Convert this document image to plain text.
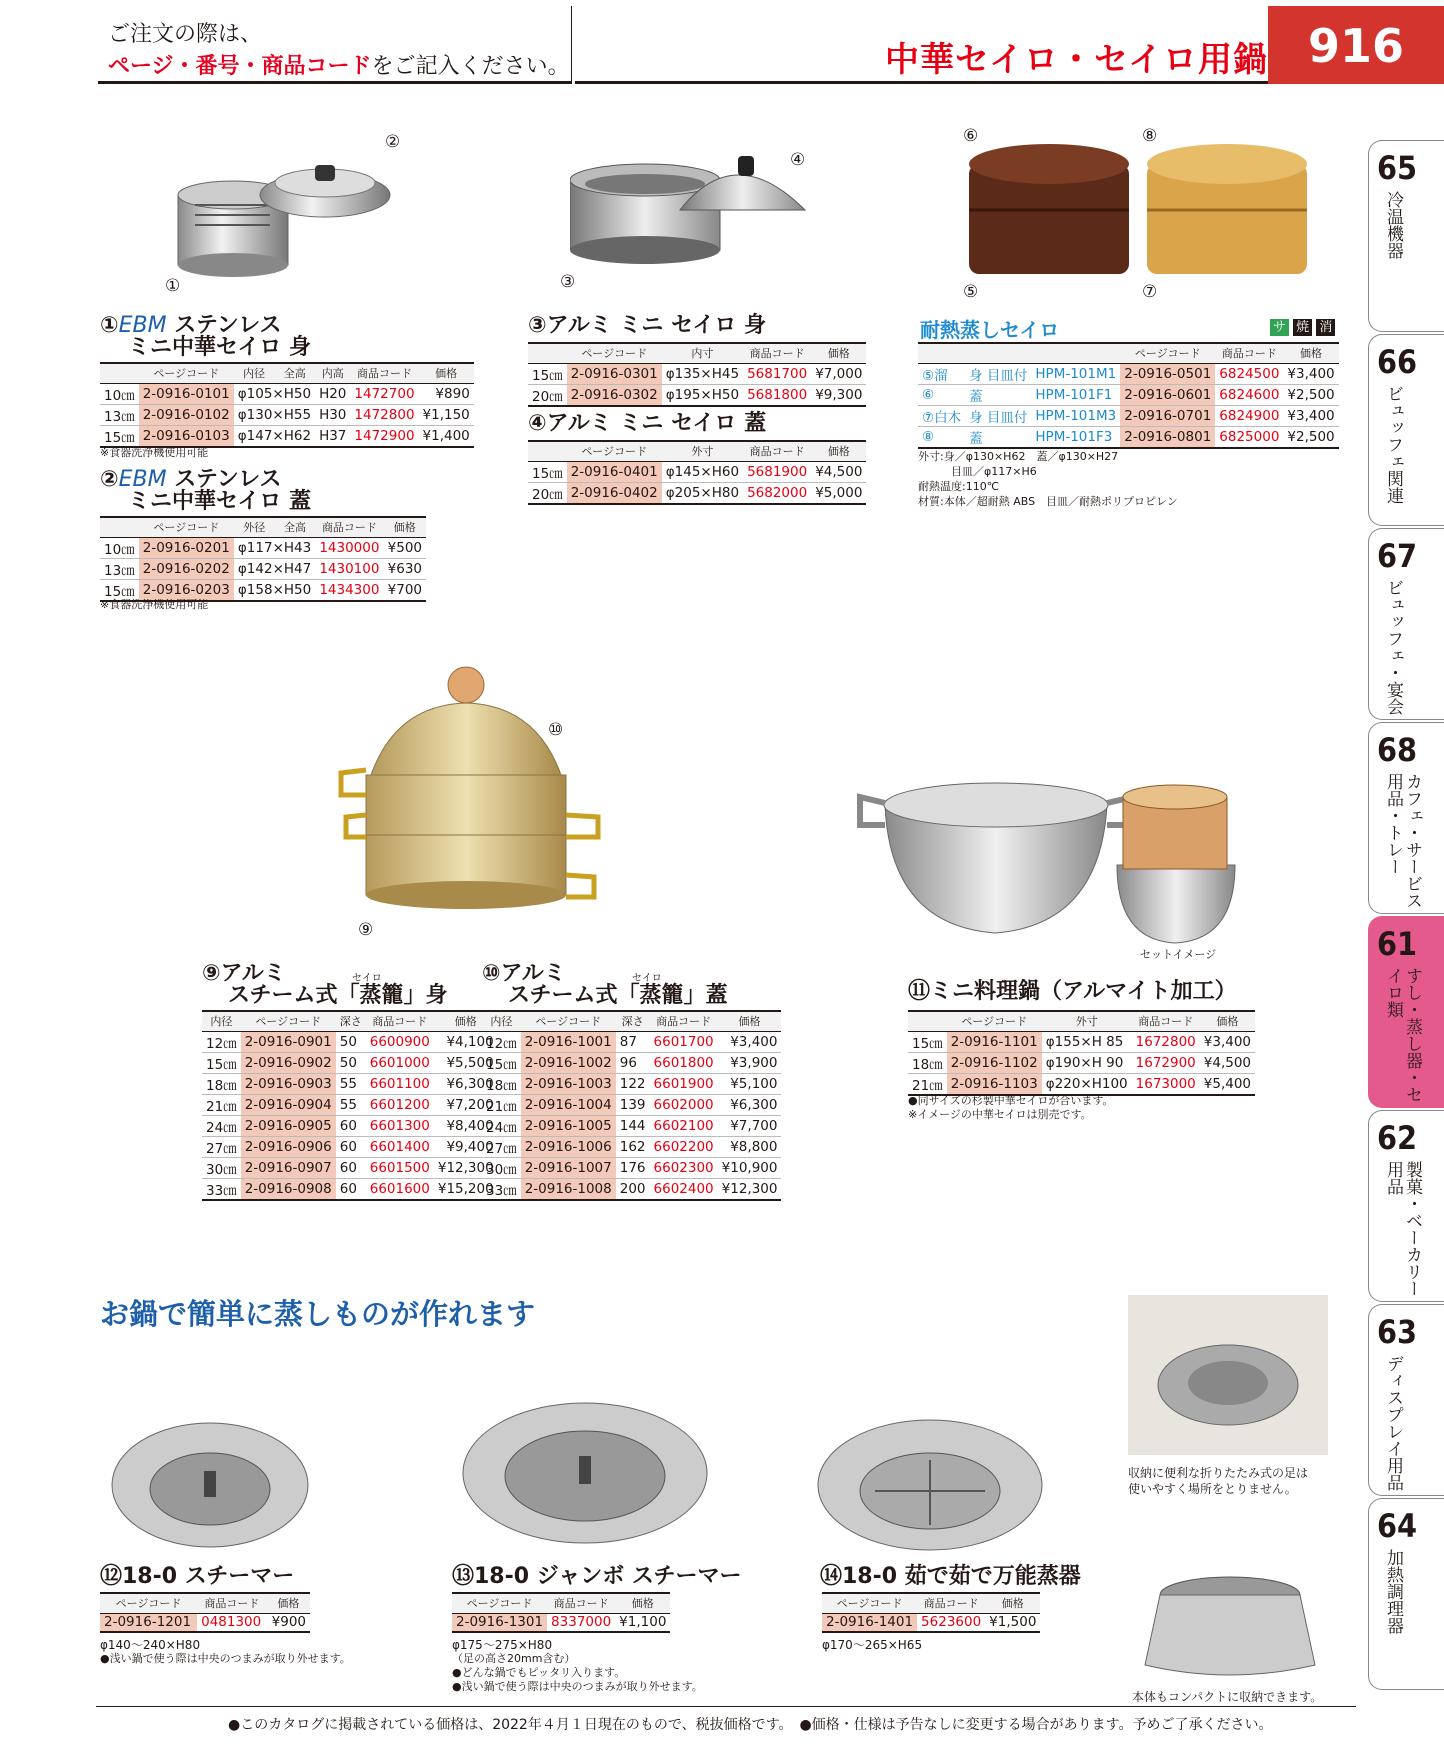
ご注文の際は、
ページ・番号・商品コードをご記入ください。	中華セイロ・セイロ用鍋 916
65
冷温機器
66
ビュッフェ関連
67
ビュッフェ・宴会
68
カフェ・サービス用品・トレー
61
すし・蒸し器・セイロ類
62
製菓・ベーカリー用品
63
ディスプレイ用品
64
加熱調理器
②
①
④
③
⑥	⑧
⑤	⑦
①EBM ステンレス
ミニ中華セイロ 身
	ページコード	内径	全高	内高	商品コード	価格
10㎝	2-0916-0101	φ105×H50		H20	1472700	¥890
13㎝	2-0916-0102	φ130×H55		H30	1472800	¥1,150
15㎝	2-0916-0103	φ147×H62		H37	1472900	¥1,400
※食器洗浄機使用可能
②EBM ステンレス
ミニ中華セイロ 蓋
	ページコード	外径	全高	商品コード	価格
10㎝	2-0916-0201	φ117×H43		1430000	¥500
13㎝	2-0916-0202	φ142×H47		1430100	¥630
15㎝	2-0916-0203	φ158×H50		1434300	¥700
※食器洗浄機使用可能
③アルミ ミニ セイロ 身
	ページコード	内寸	商品コード	価格
15㎝	2-0916-0301	φ135×H45	5681700	¥7,000
20㎝	2-0916-0302	φ195×H50	5681800	¥9,300
④アルミ ミニ セイロ 蓋
	ページコード	外寸	商品コード	価格
15㎝	2-0916-0401	φ145×H60	5681900	¥4,500
20㎝	2-0916-0402	φ205×H80	5682000	¥5,000
耐熱蒸しセイロ	サ 焼 消
			ページコード	商品コード	価格
⑤溜	身 目皿付	HPM-101M1	2-0916-0501	6824500	¥3,400
⑥	蓋	HPM-101F1	2-0916-0601	6824600	¥2,500
⑦白木	身 目皿付	HPM-101M3	2-0916-0701	6824900	¥3,400
⑧	蓋	HPM-101F3	2-0916-0801	6825000	¥2,500
外寸:身／φ130×H62　蓋／φ130×H27
　　　目皿／φ117×H6
耐熱温度:110℃
材質:本体／超耐熱 ABS　目皿／耐熱ポリプロピレン
⑩
⑨
セットイメージ
セイロ
⑨アルミ
スチーム式「蒸籠」身
内径	ページコード	深さ	商品コード	価格
12㎝	2-0916-0901	50	6600900	¥4,100
15㎝	2-0916-0902	50	6601000	¥5,500
18㎝	2-0916-0903	55	6601100	¥6,300
21㎝	2-0916-0904	55	6601200	¥7,200
24㎝	2-0916-0905	60	6601300	¥8,400
27㎝	2-0916-0906	60	6601400	¥9,400
30㎝	2-0916-0907	60	6601500	¥12,300
33㎝	2-0916-0908	60	6601600	¥15,200
セイロ
⑩アルミ
スチーム式「蒸籠」蓋
内径	ページコード	深さ	商品コード	価格
12㎝	2-0916-1001	87	6601700	¥3,400
15㎝	2-0916-1002	96	6601800	¥3,900
18㎝	2-0916-1003	122	6601900	¥5,100
21㎝	2-0916-1004	139	6602000	¥6,300
24㎝	2-0916-1005	144	6602100	¥7,700
27㎝	2-0916-1006	162	6602200	¥8,800
30㎝	2-0916-1007	176	6602300	¥10,900
33㎝	2-0916-1008	200	6602400	¥12,300
⑪ミニ料理鍋（アルマイト加工）
	ページコード	外寸	商品コード	価格
15㎝	2-0916-1101	φ155×H 85	1672800	¥3,400
18㎝	2-0916-1102	φ190×H 90	1672900	¥4,500
21㎝	2-0916-1103	φ220×H100	1673000	¥5,400
●同サイズの杉製中華セイロが合います。
※イメージの中華セイロは別売です。
お鍋で簡単に蒸しものが作れます
収納に便利な折りたたみ式の足は
使いやすく場所をとりません。
本体もコンパクトに収納できます。
⑫18-0 スチーマー
ページコード	商品コード	価格
2-0916-1201	0481300	¥900
φ140〜240×H80
●浅い鍋で使う際は中央のつまみが取り外せます。
⑬18-0 ジャンボ スチーマー
ページコード	商品コード	価格
2-0916-1301	8337000	¥1,100
φ175〜275×H80
（足の高さ20mm含む）
●どんな鍋でもピッタリ入ります。
●浅い鍋で使う際は中央のつまみが取り外せます。
⑭18-0 茹で茹で万能蒸器
ページコード	商品コード	価格
2-0916-1401	5623600	¥1,500
φ170〜265×H65
●このカタログに掲載されている価格は、2022年４月１日現在のもので、税抜価格です。　●価格・仕様は予告なしに変更する場合があります。予めご了承ください。
